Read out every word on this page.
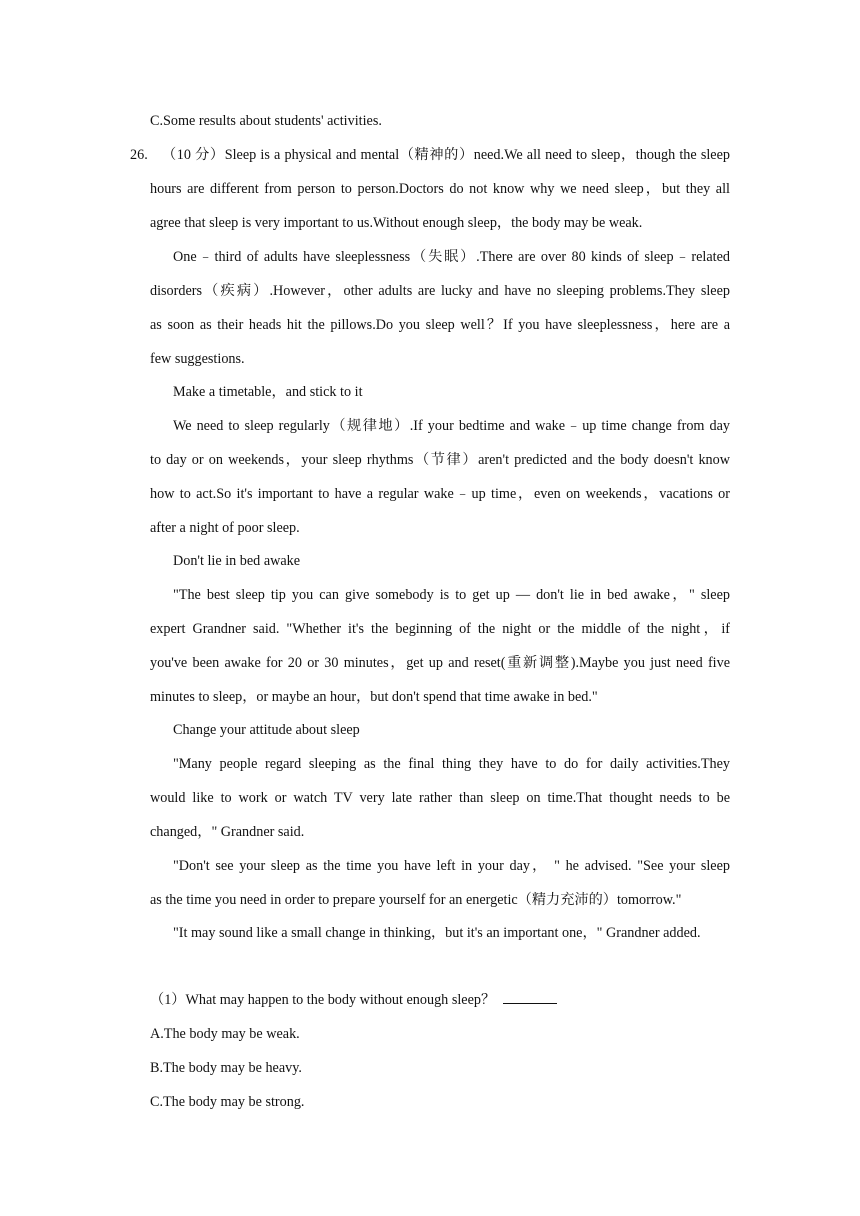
C.Some results about students' activities.
26. （10 分）Sleep is a physical and mental（精神的）need.We all need to sleep，though the sleep
hours are different from person to person.Doctors do not know why we need sleep，but they all
agree that sleep is very important to us.Without enough sleep，the body may be weak.
One﹣third of adults have sleeplessness（失眠）.There are over 80 kinds of sleep﹣related
disorders（疾病）.However，other adults are lucky and have no sleeping problems.They sleep
as soon as their heads hit the pillows.Do you sleep well？If you have sleeplessness，here are a
few suggestions.
Make a timetable，and stick to it
We need to sleep regularly（规律地）.If your bedtime and wake﹣up time change from day
to day or on weekends，your sleep rhythms（节律）aren't predicted and the body doesn't know
how to act.So it's important to have a regular wake﹣up time，even on weekends，vacations or
after a night of poor sleep.
Don't lie in bed awake
"The best sleep tip you can give somebody is to get up — don't lie in bed awake，" sleep
expert Grandner said. "Whether it's the beginning of the night or the middle of the night，if
you've been awake for 20 or 30 minutes，get up and reset(重新调整).Maybe you just need five
minutes to sleep，or maybe an hour，but don't spend that time awake in bed."
Change your attitude about sleep
"Many people regard sleeping as the final thing they have to do for daily activities.They
would like to work or watch TV very late rather than sleep on time.That thought needs to be
changed，" Grandner said.
"Don't see your sleep as the time you have left in your day， " he advised. "See your sleep
as the time you need in order to prepare yourself for an energetic（精力充沛的）tomorrow."
"It may sound like a small change in thinking，but it's an important one，" Grandner added.
（1）What may happen to the body without enough sleep？
A.The body may be weak.
B.The body may be heavy.
C.The body may be strong.
